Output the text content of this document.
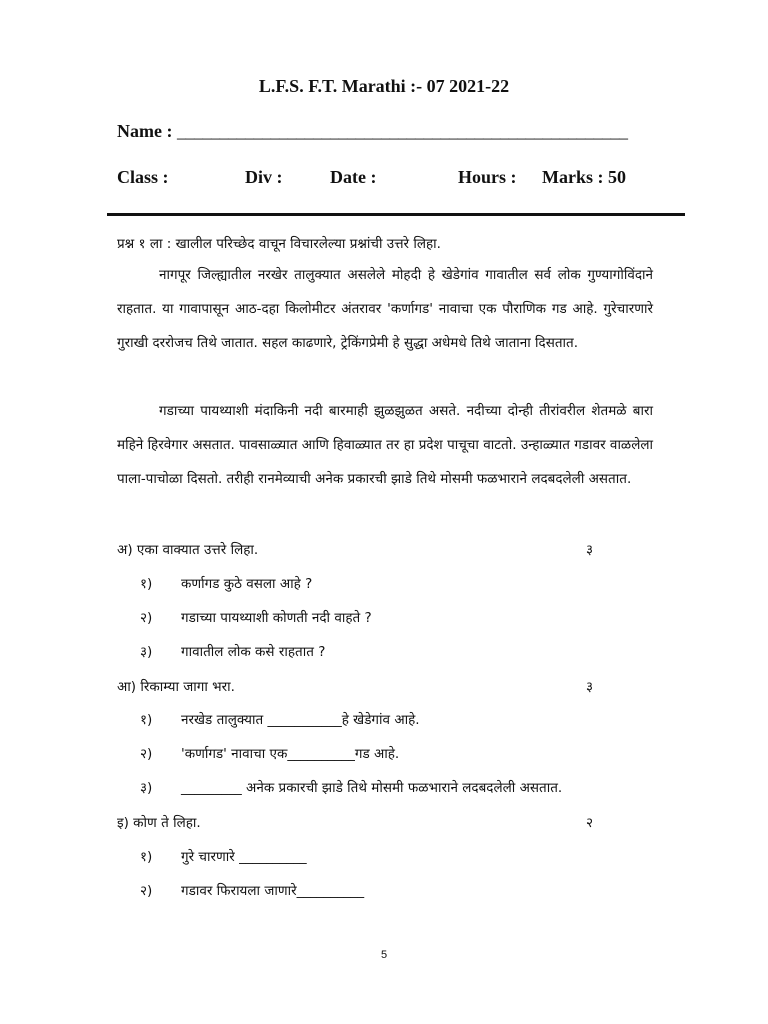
L.F.S. F.T. Marathi :- 07 2021-22
Name : _____________________________________________________
Class :	Div :	Date :	Hours : Marks : 50
प्रश्न १ ला : खालील परिच्छेद वाचून विचारलेल्या प्रश्नांची उत्तरे लिहा.
नागपूर जिल्ह्यातील नरखेर तालुक्यात असलेले मोहदी हे खेडेगांव गावातील सर्व लोक गुण्यागोविंदाने राहतात. या गावापासून आठ-दहा किलोमीटर अंतरावर 'कर्णागड' नावाचा एक पौराणिक गड आहे. गुरेचारणारे गुराखी दररोजच तिथे जातात. सहल काढणारे, ट्रेकिंगप्रेमी हे सुद्धा अधेमधे तिथे जाताना दिसतात.
गडाच्या पायथ्याशी मंदाकिनी नदी बारमाही झुळझुळत असते. नदीच्या दोन्ही तीरांवरील शेतमळे बारा महिने हिरवेगार असतात. पावसाळ्यात आणि हिवाळ्यात तर हा प्रदेश पाचूचा वाटतो. उन्हाळ्यात गडावर वाळलेला पाला-पाचोळा दिसतो. तरीही रानमेव्याची अनेक प्रकारची झाडे तिथे मोसमी फळभाराने लदबदलेली असतात.
अ) एका वाक्यात उत्तरे लिहा.	३
१) कर्णागड कुठे वसला आहे ?
२) गडाच्या पायथ्याशी कोणती नदी वाहते ?
३) गावातील लोक कसे राहतात ?
आ) रिकाम्या जागा भरा.	३
१) नरखेड तालुक्यात ___________हे खेडेगांव आहे.
२) 'कर्णागड' नावाचा एक__________गड आहे.
३) _________ अनेक प्रकारची झाडे तिथे मोसमी फळभाराने लदबदलेली असतात.
इ) कोण ते लिहा.	२
१) गुरे चारणारे __________
२) गडावर फिरायला जाणारे__________
5
